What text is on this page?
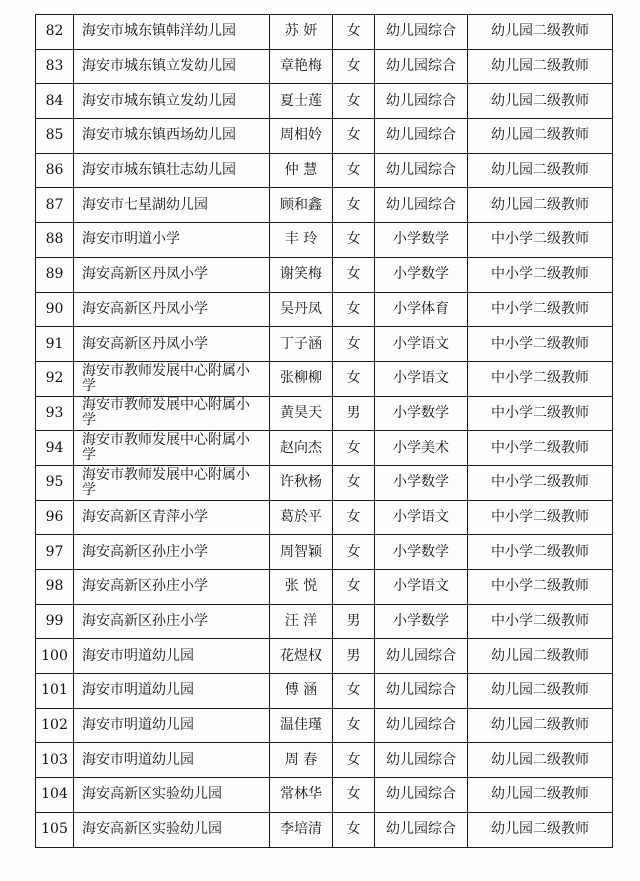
82	海安市城东镇韩洋幼儿园	苏 妍	女	幼儿园综合	幼儿园二级教师
83	海安市城东镇立发幼儿园	章艳梅	女	幼儿园综合	幼儿园二级教师
84	海安市城东镇立发幼儿园	夏士莲	女	幼儿园综合	幼儿园二级教师
85	海安市城东镇西场幼儿园	周相妗	女	幼儿园综合	幼儿园二级教师
86	海安市城东镇壮志幼儿园	仲 慧	女	幼儿园综合	幼儿园二级教师
87	海安市七星湖幼儿园	顾和鑫	女	幼儿园综合	幼儿园二级教师
88	海安市明道小学	丰 玲	女	小学数学	中小学二级教师
89	海安高新区丹凤小学	谢笑梅	女	小学数学	中小学二级教师
90	海安高新区丹凤小学	吴丹凤	女	小学体育	中小学二级教师
91	海安高新区丹凤小学	丁子涵	女	小学语文	中小学二级教师
92	海安市教师发展中心附属小学	张柳柳	女	小学语文	中小学二级教师
93	海安市教师发展中心附属小学	黄昊天	男	小学数学	中小学二级教师
94	海安市教师发展中心附属小学	赵向杰	女	小学美术	中小学二级教师
95	海安市教师发展中心附属小学	许秋杨	女	小学数学	中小学二级教师
96	海安高新区青萍小学	葛於平	女	小学语文	中小学二级教师
97	海安高新区孙庄小学	周智颖	女	小学数学	中小学二级教师
98	海安高新区孙庄小学	张 悦	女	小学语文	中小学二级教师
99	海安高新区孙庄小学	汪 洋	男	小学数学	中小学二级教师
100	海安市明道幼儿园	花煜权	男	幼儿园综合	幼儿园二级教师
101	海安市明道幼儿园	傅 涵	女	幼儿园综合	幼儿园二级教师
102	海安市明道幼儿园	温佳瑾	女	幼儿园综合	幼儿园二级教师
103	海安市明道幼儿园	周 春	女	幼儿园综合	幼儿园二级教师
104	海安高新区实验幼儿园	常林华	女	幼儿园综合	幼儿园二级教师
105	海安高新区实验幼儿园	李培清	女	幼儿园综合	幼儿园二级教师
